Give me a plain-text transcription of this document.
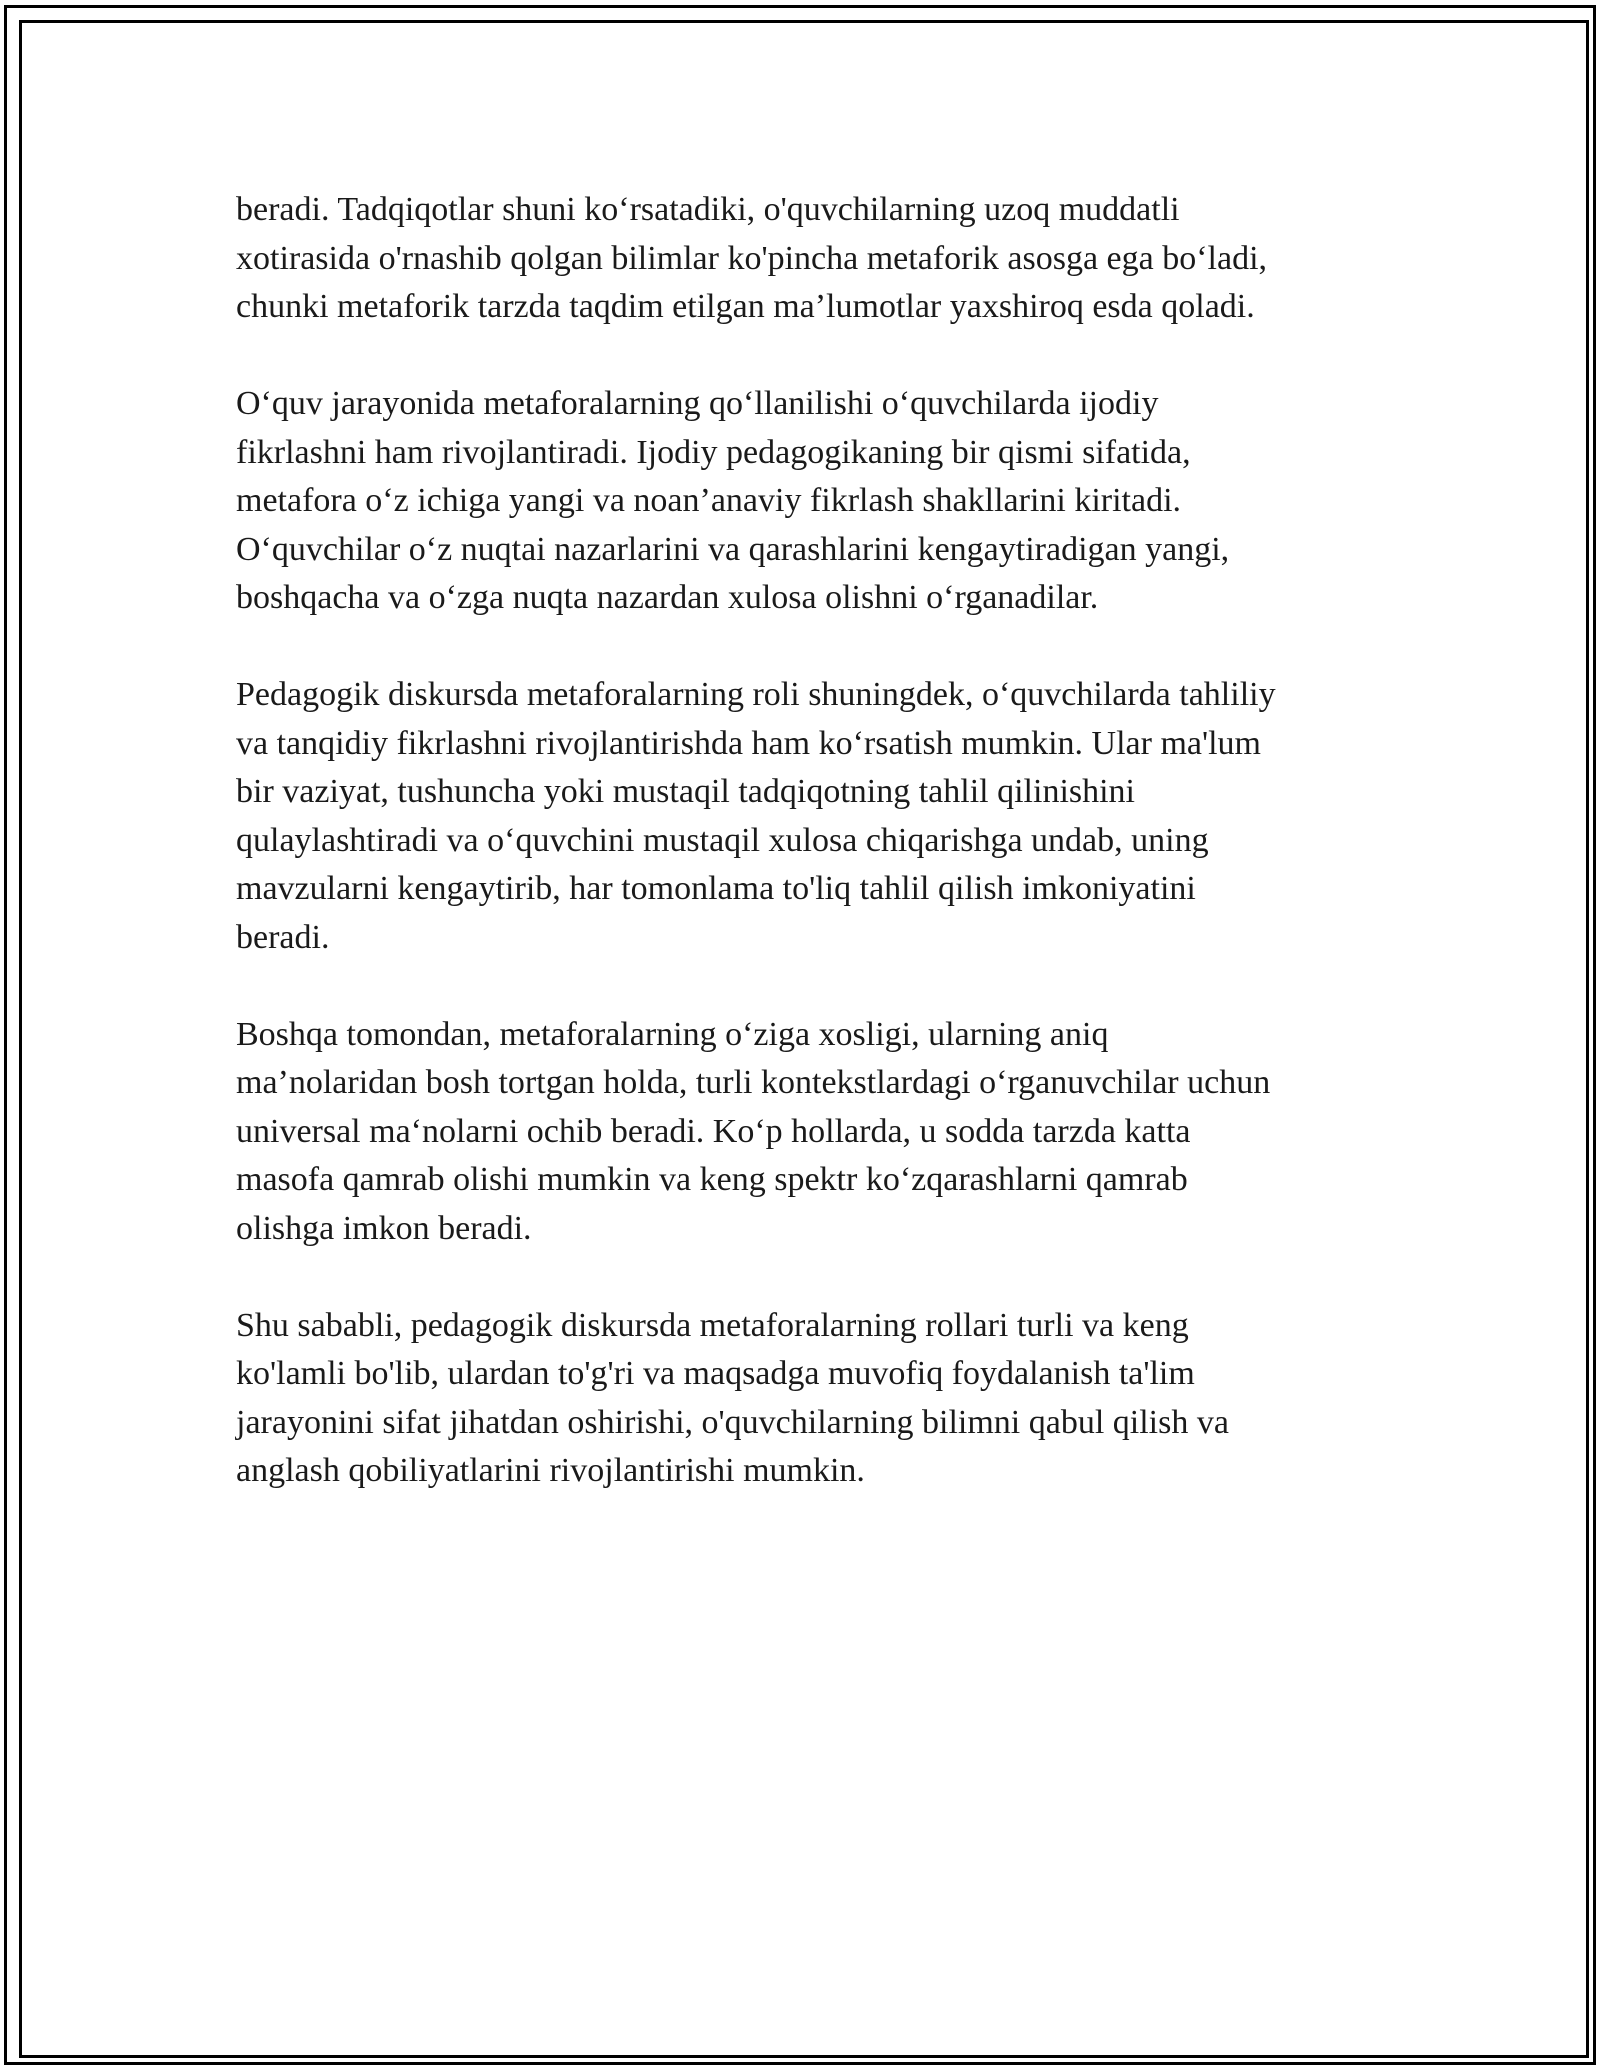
beradi. Tadqiqotlar shuni ko‘rsatadiki, o'quvchilarning uzoq muddatli
xotirasida o'rnashib qolgan bilimlar ko'pincha metaforik asosga ega bo‘ladi,
chunki metaforik tarzda taqdim etilgan ma’lumotlar yaxshiroq esda qoladi.

O‘quv jarayonida metaforalarning qo‘llanilishi o‘quvchilarda ijodiy
fikrlashni ham rivojlantiradi. Ijodiy pedagogikaning bir qismi sifatida,
metafora o‘z ichiga yangi va noan’anaviy fikrlash shakllarini kiritadi.
O‘quvchilar o‘z nuqtai nazarlarini va qarashlarini kengaytiradigan yangi,
boshqacha va o‘zga nuqta nazardan xulosa olishni o‘rganadilar.

Pedagogik diskursda metaforalarning roli shuningdek, o‘quvchilarda tahliliy
va tanqidiy fikrlashni rivojlantirishda ham ko‘rsatish mumkin. Ular ma'lum
bir vaziyat, tushuncha yoki mustaqil tadqiqotning tahlil qilinishini
qulaylashtiradi va o‘quvchini mustaqil xulosa chiqarishga undab, uning
mavzularni kengaytirib, har tomonlama to'liq tahlil qilish imkoniyatini
beradi.

Boshqa tomondan, metaforalarning o‘ziga xosligi, ularning aniq
ma’nolaridan bosh tortgan holda, turli kontekstlardagi o‘rganuvchilar uchun
universal ma‘nolarni ochib beradi. Ko‘p hollarda, u sodda tarzda katta
masofa qamrab olishi mumkin va keng spektr ko‘zqarashlarni qamrab
olishga imkon beradi.

Shu sababli, pedagogik diskursda metaforalarning rollari turli va keng
ko'lamli bo'lib, ulardan to'g'ri va maqsadga muvofiq foydalanish ta'lim
jarayonini sifat jihatdan oshirishi, o'quvchilarning bilimni qabul qilish va
anglash qobiliyatlarini rivojlantirishi mumkin.
